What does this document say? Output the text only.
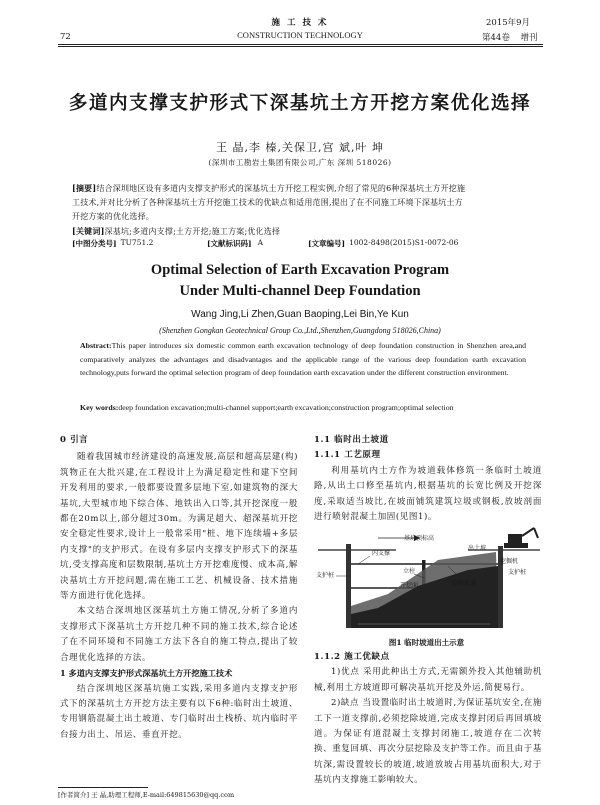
72
施 工 技 术
CONSTRUCTION TECHNOLOGY
2015年9月
第44卷 增刊
多道内支撑支护形式下深基坑土方开挖方案优化选择
王 晶,李 榛,关保卫,宫 斌,叶 坤
(深圳市工勘岩土集团有限公司,广东 深圳 518026)
[摘要]结合深圳地区设有多道内支撑支护形式的深基坑土方开挖工程实例,介绍了常见的6种深基坑土方开挖施
工技术,并对比分析了各种深基坑土方开挖施工技术的优缺点和适用范围,提出了在不同施工环境下深基坑土方
开挖方案的优化选择。
[关键词]深基坑;多道内支撑;土方开挖;施工方案;优化选择
[中图分类号] TU751.2	[文献标识码] A	[文章编号] 1002-8498(2015)S1-0072-06
Optimal Selection of Earth Excavation Program
Under Multi-channel Deep Foundation
Wang Jing,Li Zhen,Guan Baoping,Lei Bin,Ye Kun
(Shenzhen Gongkan Geotechnical Group Co.,Ltd.,Shenzhen,Guangdong 518026,China)
Abstract:This paper introduces six domestic common earth excavation technology of deep foundation construction in Shenzhen area,and comparatively analyzes the advantages and disadvantages and the applicable range of the various deep foundation earth excavation technology,puts forward the optimal selection program of deep foundation earth excavation under the different construction environment.
Key words:deep foundation excavation;multi-channel support;earth excavation;construction program;optimal selection

0 引言

随着我国城市经济建设的高速发展,高层和超高层建(构)筑物正在大批兴建,在工程设计上为满足稳定性和建下空间开发利用的要求,一般都要设置多层地下室,如建筑物的深大基坑,大型城市地下综合体、地铁出入口等,其开挖深度一般都在20m以上,部分超过30m。为满足超大、超深基坑开挖安全稳定性要求,设计上一般常采用"桩、地下连续墙+多层内支撑"的支护形式。在设有多层内支撑支护形式下的深基坑,受支撑高度和层数限制,基坑土方开挖难度慢、成本高,解决基坑土方开挖问题,需在施工工艺、机械设备、技术措施等方面进行优化选择。

本文结合深圳地区深基坑土方施工情况,分析了多道内支撑形式下深基坑土方开挖几种不同的施工技术,综合论述了在不同环境和不同施工方法下各自的施工特点,提出了较合理优化选择的方法。

1 多道内支撑支护形式深基坑土方开挖施工技术

结合深圳地区深基坑施工实践,采用多道内支撑支护形式下的深基坑土方开挖方法主要有以下6种:临时出土坡道、专用钢筋混凝土出土坡道、专门临时出土栈桥、坑内临时平台接力出土、吊运、垂直开挖。

1.1 临时出土坡道

1.1.1 工艺原理

利用基坑内土方作为坡道载体修筑一条临时土坡道路,从出土口修至基坑内,根据基坑的长宽比例及开挖深度,采取适当坡比,在坡面铺筑建筑垃圾或钢板,放坡剖面进行喷射混凝土加固(见图1)。

基坑顶标高
内支撑
支护桩
立柱
开挖面	临时坡道
出土坡
挖掘机
支护桩
图1 临时坡道出土示意

1.1.2 施工优缺点

1)优点 采用此种出土方式,无需额外投入其他辅助机械,利用土方坡道即可解决基坑开挖及外运,简便易行。

2)缺点 当设置临时出土坡道时,为保证基坑安全,在施工下一道支撑前,必须挖除坡道,完成支撑封闭后再回填坡道。为保证有道混凝土支撑封闭施工,坡道存在二次转换、重复回填、再次分层挖除及支护等工作。而且由于基坑深,需设置较长的坡道,坡道放坡占用基坑面积大,对于基坑内支撑施工影响较大。

[作者简介] 王 晶,助理工程师,E-mail:649815630@qq.com
